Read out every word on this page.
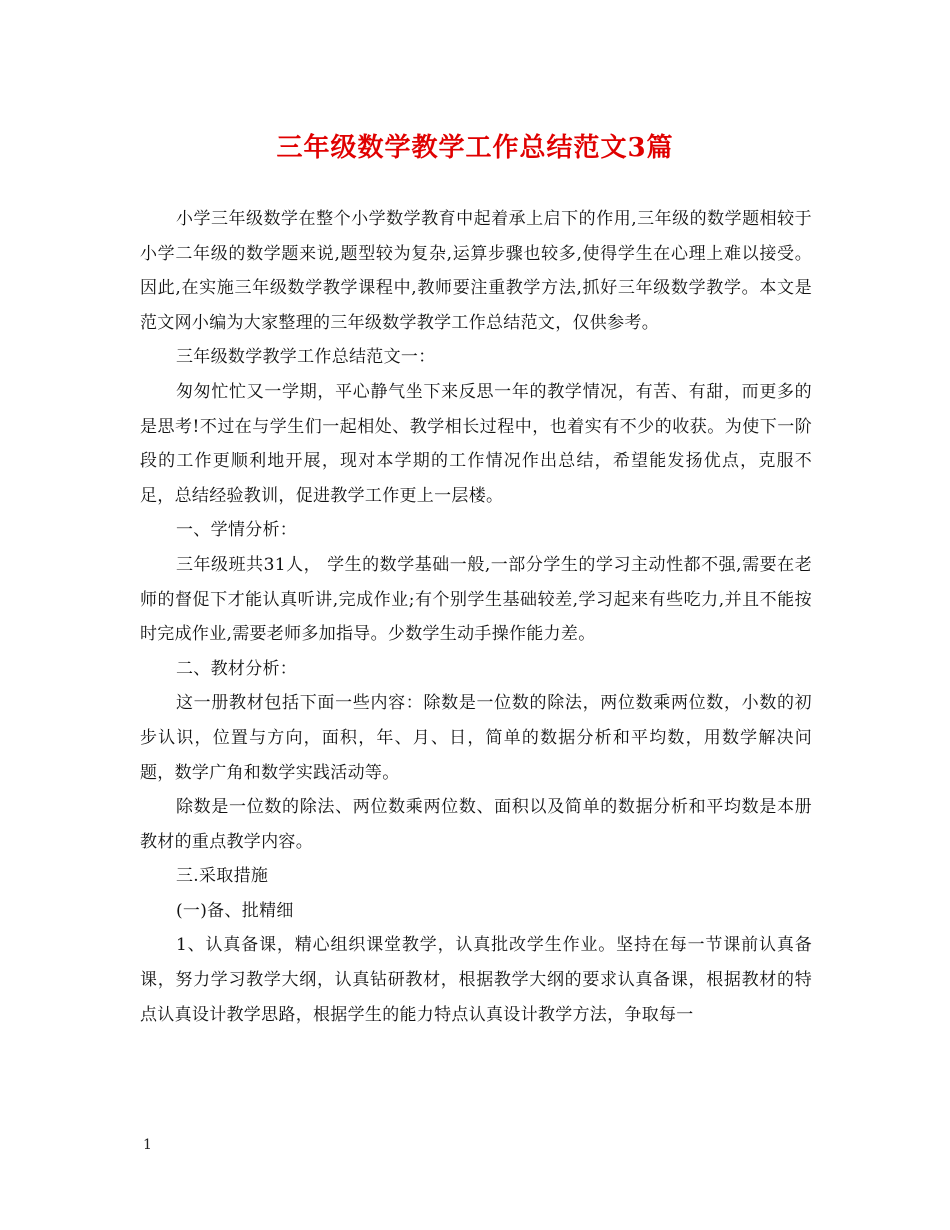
三年级数学教学工作总结范文3篇

小学三年级数学在整个小学数学教育中起着承上启下的作用,三年级的数学题相较于小学二年级的数学题来说,题型较为复杂,运算步骤也较多,使得学生在心理上难以接受。因此,在实施三年级数学教学课程中,教师要注重教学方法,抓好三年级数学教学。本文是范文网小编为大家整理的三年级数学教学工作总结范文，仅供参考。

三年级数学教学工作总结范文一：

匆匆忙忙又一学期，平心静气坐下来反思一年的教学情况，有苦、有甜，而更多的是思考!不过在与学生们一起相处、教学相长过程中，也着实有不少的收获。为使下一阶段的工作更顺利地开展，现对本学期的工作情况作出总结，希望能发扬优点，克服不足，总结经验教训，促进教学工作更上一层楼。

一、学情分析：

三年级班共31人， 学生的数学基础一般,一部分学生的学习主动性都不强,需要在老师的督促下才能认真听讲,完成作业;有个别学生基础较差,学习起来有些吃力,并且不能按时完成作业,需要老师多加指导。少数学生动手操作能力差。

二、教材分析：

这一册教材包括下面一些内容：除数是一位数的除法，两位数乘两位数，小数的初步认识，位置与方向，面积，年、月、日，简单的数据分析和平均数，用数学解决问题，数学广角和数学实践活动等。

除数是一位数的除法、两位数乘两位数、面积以及简单的数据分析和平均数是本册教材的重点教学内容。

三.采取措施

(一)备、批精细

1、认真备课，精心组织课堂教学，认真批改学生作业。坚持在每一节课前认真备课，努力学习教学大纲，认真钻研教材，根据教学大纲的要求认真备课，根据教材的特点认真设计教学思路，根据学生的能力特点认真设计教学方法，争取每一

1
